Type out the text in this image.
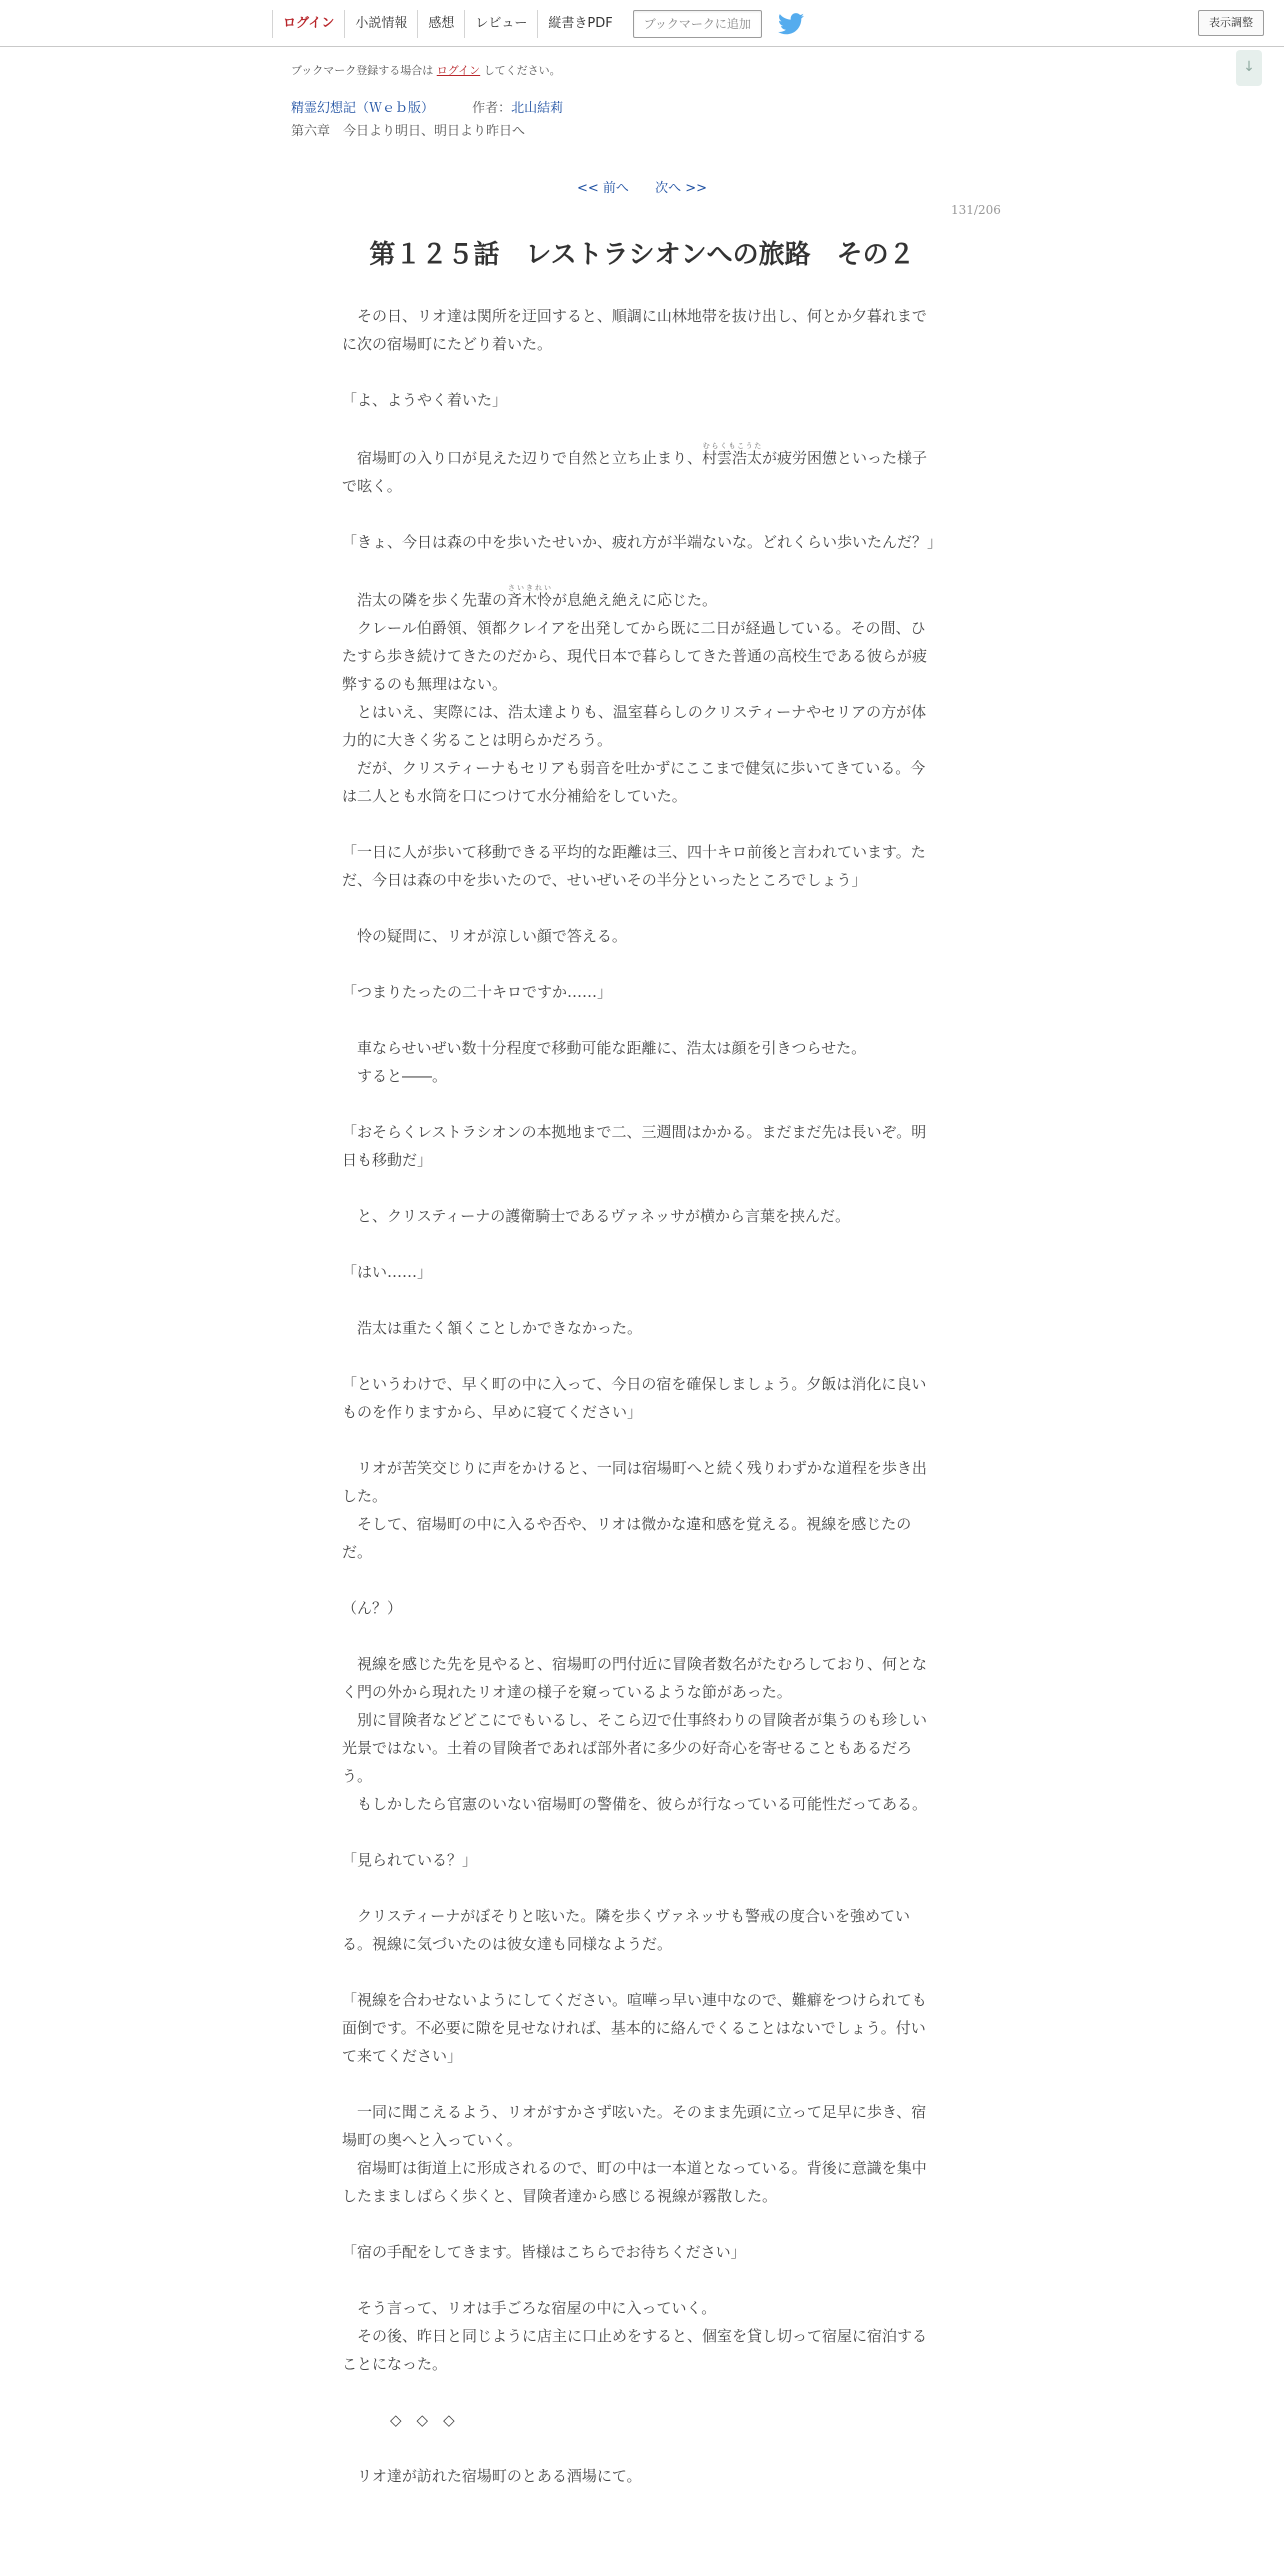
ログイン	小説情報	感想	レビュー	縦書きPDF	ブックマークに追加	表示調整
↓
ブックマーク登録する場合は ログイン してください。
精霊幻想記（Ｗｅｂ版）	作者：北山結莉
第六章　今日より明日、明日より昨日へ
<< 前へ 次へ >>
131/206
第１２５話　レストラシオンへの旅路　その２

　その日、リオ達は関所を迂回すると、順調に山林地帯を抜け出し、何とか夕暮れまでに次の宿場町にたどり着いた。

「よ、ようやく着いた」

　宿場町の入り口が見えた辺りで自然と立ち止まり、村雲浩太むらくもこうたが疲労困憊といった様子で呟く。

「きょ、今日は森の中を歩いたせいか、疲れ方が半端ないな。どれくらい歩いたんだ？」

　浩太の隣を歩く先輩の斉木怜さいきれいが息絶え絶えに応じた。

　クレール伯爵領、領都クレイアを出発してから既に二日が経過している。その間、ひたすら歩き続けてきたのだから、現代日本で暮らしてきた普通の高校生である彼らが疲弊するのも無理はない。

　とはいえ、実際には、浩太達よりも、温室暮らしのクリスティーナやセリアの方が体力的に大きく劣ることは明らかだろう。

　だが、クリスティーナもセリアも弱音を吐かずにここまで健気に歩いてきている。今は二人とも水筒を口につけて水分補給をしていた。

「一日に人が歩いて移動できる平均的な距離は三、四十キロ前後と言われています。ただ、今日は森の中を歩いたので、せいぜいその半分といったところでしょう」

　怜の疑問に、リオが涼しい顔で答える。

「つまりたったの二十キロですか……」

　車ならせいぜい数十分程度で移動可能な距離に、浩太は顔を引きつらせた。

　すると――。

「おそらくレストラシオンの本拠地まで二、三週間はかかる。まだまだ先は長いぞ。明日も移動だ」

　と、クリスティーナの護衛騎士であるヴァネッサが横から言葉を挟んだ。

「はい……」

　浩太は重たく頷くことしかできなかった。

「というわけで、早く町の中に入って、今日の宿を確保しましょう。夕飯は消化に良いものを作りますから、早めに寝てください」

　リオが苦笑交じりに声をかけると、一同は宿場町へと続く残りわずかな道程を歩き出した。

　そして、宿場町の中に入るや否や、リオは微かな違和感を覚える。視線を感じたのだ。

（ん？）

　視線を感じた先を見やると、宿場町の門付近に冒険者数名がたむろしており、何となく門の外から現れたリオ達の様子を窺っているような節があった。

　別に冒険者などどこにでもいるし、そこら辺で仕事終わりの冒険者が集うのも珍しい光景ではない。土着の冒険者であれば部外者に多少の好奇心を寄せることもあるだろう。

　もしかしたら官憲のいない宿場町の警備を、彼らが行なっている可能性だってある。

「見られている？」

　クリスティーナがぼそりと呟いた。隣を歩くヴァネッサも警戒の度合いを強めている。視線に気づいたのは彼女達も同様なようだ。

「視線を合わせないようにしてください。喧嘩っ早い連中なので、難癖をつけられても面倒です。不必要に隙を見せなければ、基本的に絡んでくることはないでしょう。付いて来てください」

　一同に聞こえるよう、リオがすかさず呟いた。そのまま先頭に立って足早に歩き、宿場町の奥へと入っていく。

　宿場町は街道上に形成されるので、町の中は一本道となっている。背後に意識を集中したまましばらく歩くと、冒険者達から感じる視線が霧散した。

「宿の手配をしてきます。皆様はこちらでお待ちください」

　そう言って、リオは手ごろな宿屋の中に入っていく。

　その後、昨日と同じように店主に口止めをすると、個室を貸し切って宿屋に宿泊することになった。

◇　◇　◇

　リオ達が訪れた宿場町のとある酒場にて。
